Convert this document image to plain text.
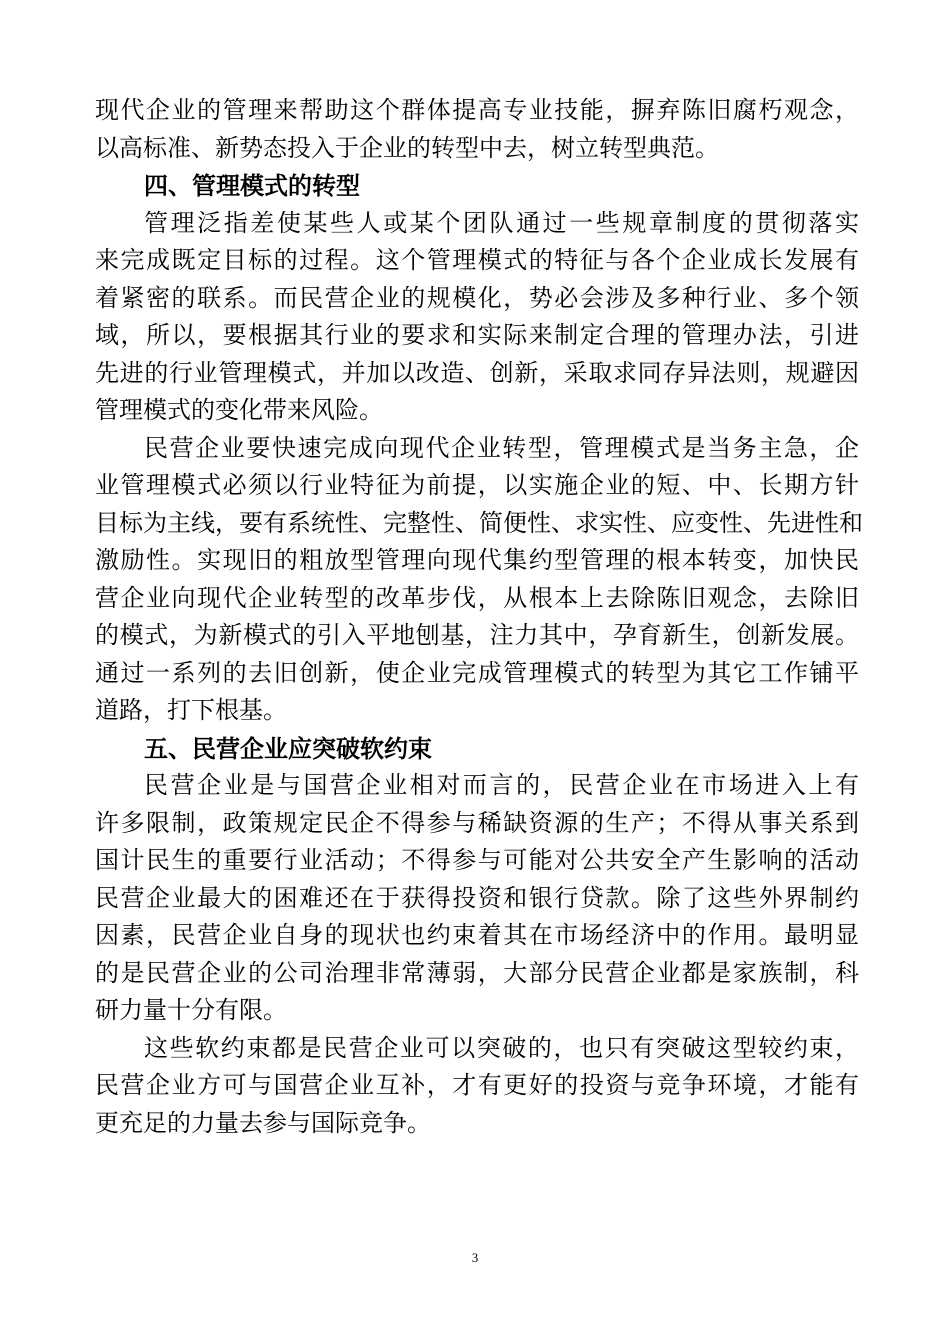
现代企业的管理来帮助这个群体提高专业技能，摒弃陈旧腐朽观念，
以高标准、新势态投入于企业的转型中去，树立转型典范。
四、管理模式的转型
管理泛指差使某些人或某个团队通过一些规章制度的贯彻落实
来完成既定目标的过程。这个管理模式的特征与各个企业成长发展有
着紧密的联系。而民营企业的规模化，势必会涉及多种行业、多个领
域，所以，要根据其行业的要求和实际来制定合理的管理办法，引进
先进的行业管理模式，并加以改造、创新，采取求同存异法则，规避因
管理模式的变化带来风险。
民营企业要快速完成向现代企业转型，管理模式是当务主急，企
业管理模式必须以行业特征为前提，以实施企业的短、中、长期方针
目标为主线，要有系统性、完整性、简便性、求实性、应变性、先进性和
激励性。实现旧的粗放型管理向现代集约型管理的根本转变，加快民
营企业向现代企业转型的改革步伐，从根本上去除陈旧观念，去除旧
的模式，为新模式的引入平地刨基，注力其中，孕育新生，创新发展。
通过一系列的去旧创新，使企业完成管理模式的转型为其它工作铺平
道路，打下根基。
五、民营企业应突破软约束
民营企业是与国营企业相对而言的，民营企业在市场进入上有
许多限制，政策规定民企不得参与稀缺资源的生产；不得从事关系到
国计民生的重要行业活动；不得参与可能对公共安全产生影响的活动
民营企业最大的困难还在于获得投资和银行贷款。除了这些外界制约
因素，民营企业自身的现状也约束着其在市场经济中的作用。最明显
的是民营企业的公司治理非常薄弱，大部分民营企业都是家族制，科
研力量十分有限。
这些软约束都是民营企业可以突破的，也只有突破这型较约束，
民营企业方可与国营企业互补，才有更好的投资与竞争环境，才能有
更充足的力量去参与国际竞争。
3
